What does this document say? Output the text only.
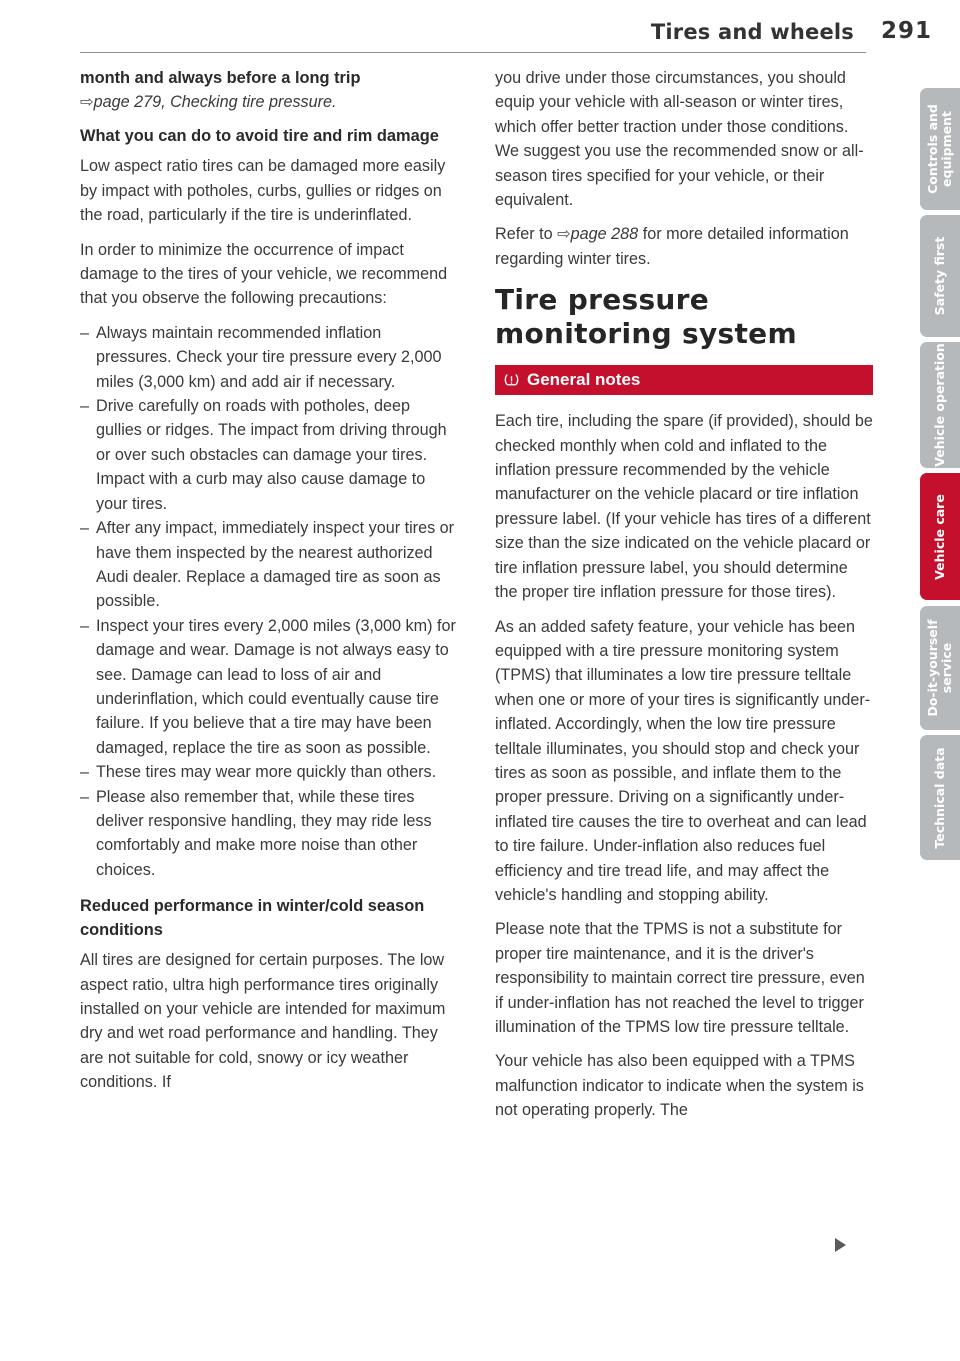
Tires and wheels 291
month and always before a long trip

⇨page 279, Checking tire pressure.

What you can do to avoid tire and rim damage

Low aspect ratio tires can be damaged more easily by impact with potholes, curbs, gullies or ridges on the road, particularly if the tire is underinflated.

In order to minimize the occurrence of impact damage to the tires of your vehicle, we recommend that you observe the following precautions:

– Always maintain recommended inflation pressures. Check your tire pressure every 2,000 miles (3,000 km) and add air if necessary.
– Drive carefully on roads with potholes, deep gullies or ridges. The impact from driving through or over such obstacles can damage your tires. Impact with a curb may also cause damage to your tires.
– After any impact, immediately inspect your tires or have them inspected by the nearest authorized Audi dealer. Replace a damaged tire as soon as possible.
– Inspect your tires every 2,000 miles (3,000 km) for damage and wear. Damage is not always easy to see. Damage can lead to loss of air and underinflation, which could eventually cause tire failure. If you believe that a tire may have been damaged, replace the tire as soon as possible.
– These tires may wear more quickly than others.
– Please also remember that, while these tires deliver responsive handling, they may ride less comfortably and make more noise than other choices.
Reduced performance in winter/cold season conditions

All tires are designed for certain purposes. The low aspect ratio, ultra high performance tires originally installed on your vehicle are intended for maximum dry and wet road performance and handling. They are not suitable for cold, snowy or icy weather conditions. If

you drive under those circumstances, you should equip your vehicle with all-season or winter tires, which offer better traction under those conditions. We suggest you use the recommended snow or all-season tires specified for your vehicle, or their equivalent.

Refer to ⇨page 288 for more detailed information regarding winter tires.

Tire pressure monitoring system
General notes

Each tire, including the spare (if provided), should be checked monthly when cold and inflated to the inflation pressure recommended by the vehicle manufacturer on the vehicle placard or tire inflation pressure label. (If your vehicle has tires of a different size than the size indicated on the vehicle placard or tire inflation pressure label, you should determine the proper tire inflation pressure for those tires).

As an added safety feature, your vehicle has been equipped with a tire pressure monitoring system (TPMS) that illuminates a low tire pressure telltale when one or more of your tires is significantly under-inflated. Accordingly, when the low tire pressure telltale illuminates, you should stop and check your tires as soon as possible, and inflate them to the proper pressure. Driving on a significantly under-inflated tire causes the tire to overheat and can lead to tire failure. Under-inflation also reduces fuel efficiency and tire tread life, and may affect the vehicle's handling and stopping ability.

Please note that the TPMS is not a substitute for proper tire maintenance, and it is the driver's responsibility to maintain correct tire pressure, even if under-inflation has not reached the level to trigger illumination of the TPMS low tire pressure telltale.

Your vehicle has also been equipped with a TPMS malfunction indicator to indicate when the system is not operating properly. The

Controls and equipment
Safety first
Vehicle operation
Vehicle care
Do-it-yourself service
Technical data
